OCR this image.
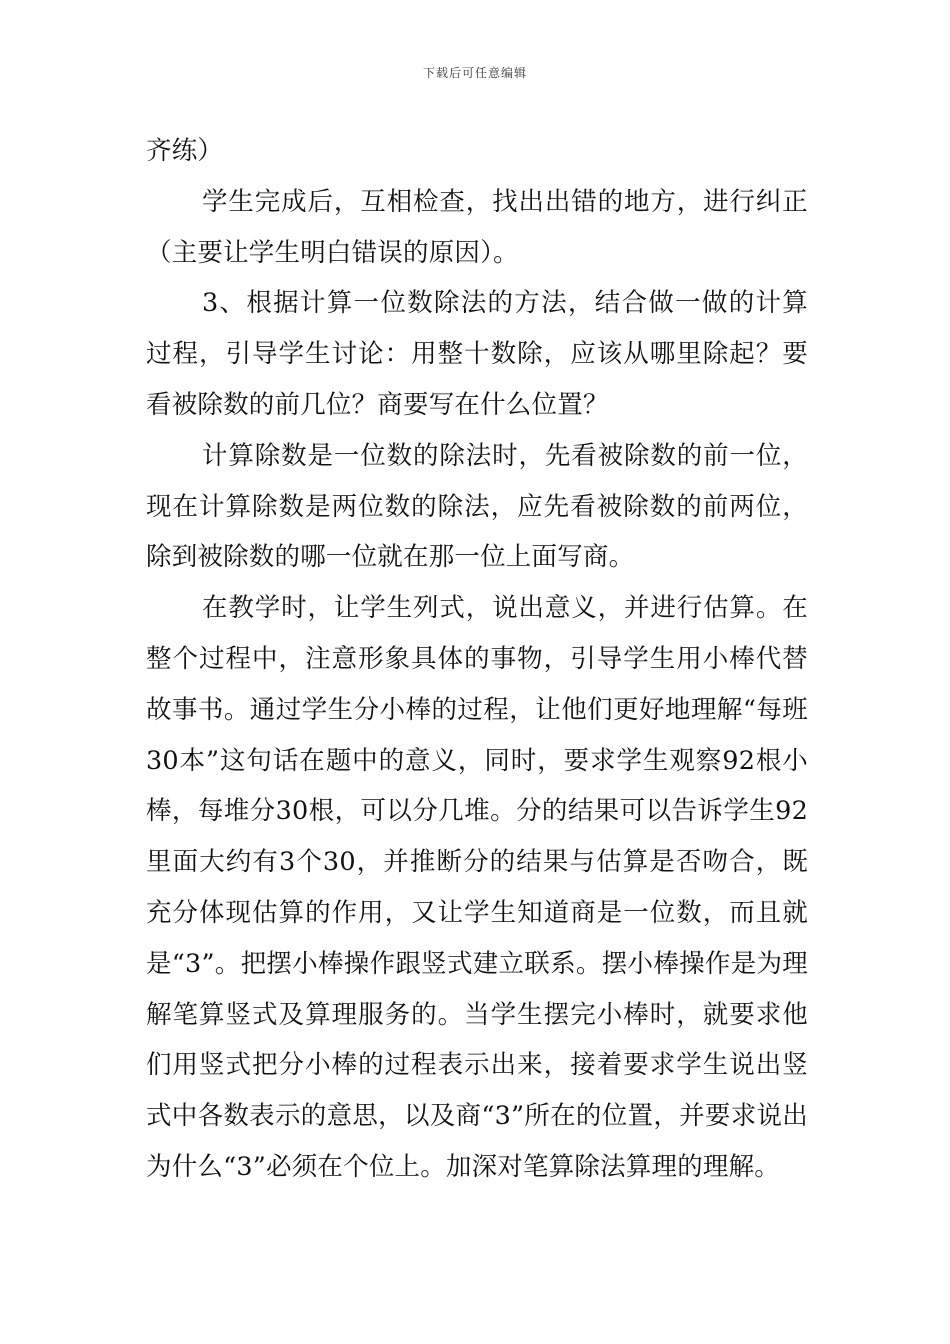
下载后可任意编辑

齐练）

学生完成后，互相检查，找出出错的地方，进行纠正（主要让学生明白错误的原因）。

3、根据计算一位数除法的方法，结合做一做的计算过程，引导学生讨论：用整十数除，应该从哪里除起？要看被除数的前几位？商要写在什么位置？

计算除数是一位数的除法时，先看被除数的前一位，现在计算除数是两位数的除法，应先看被除数的前两位，除到被除数的哪一位就在那一位上面写商。

在教学时，让学生列式，说出意义，并进行估算。在整个过程中，注意形象具体的事物，引导学生用小棒代替故事书。通过学生分小棒的过程，让他们更好地理解“每班30本”这句话在题中的意义，同时，要求学生观察92根小棒，每堆分30根，可以分几堆。分的结果可以告诉学生92里面大约有3个30，并推断分的结果与估算是否吻合，既充分体现估算的作用，又让学生知道商是一位数，而且就是“3”。把摆小棒操作跟竖式建立联系。摆小棒操作是为理解笔算竖式及算理服务的。当学生摆完小棒时，就要求他们用竖式把分小棒的过程表示出来，接着要求学生说出竖式中各数表示的意思，以及商“3”所在的位置，并要求说出为什么“3”必须在个位上。加深对笔算除法算理的理解。
